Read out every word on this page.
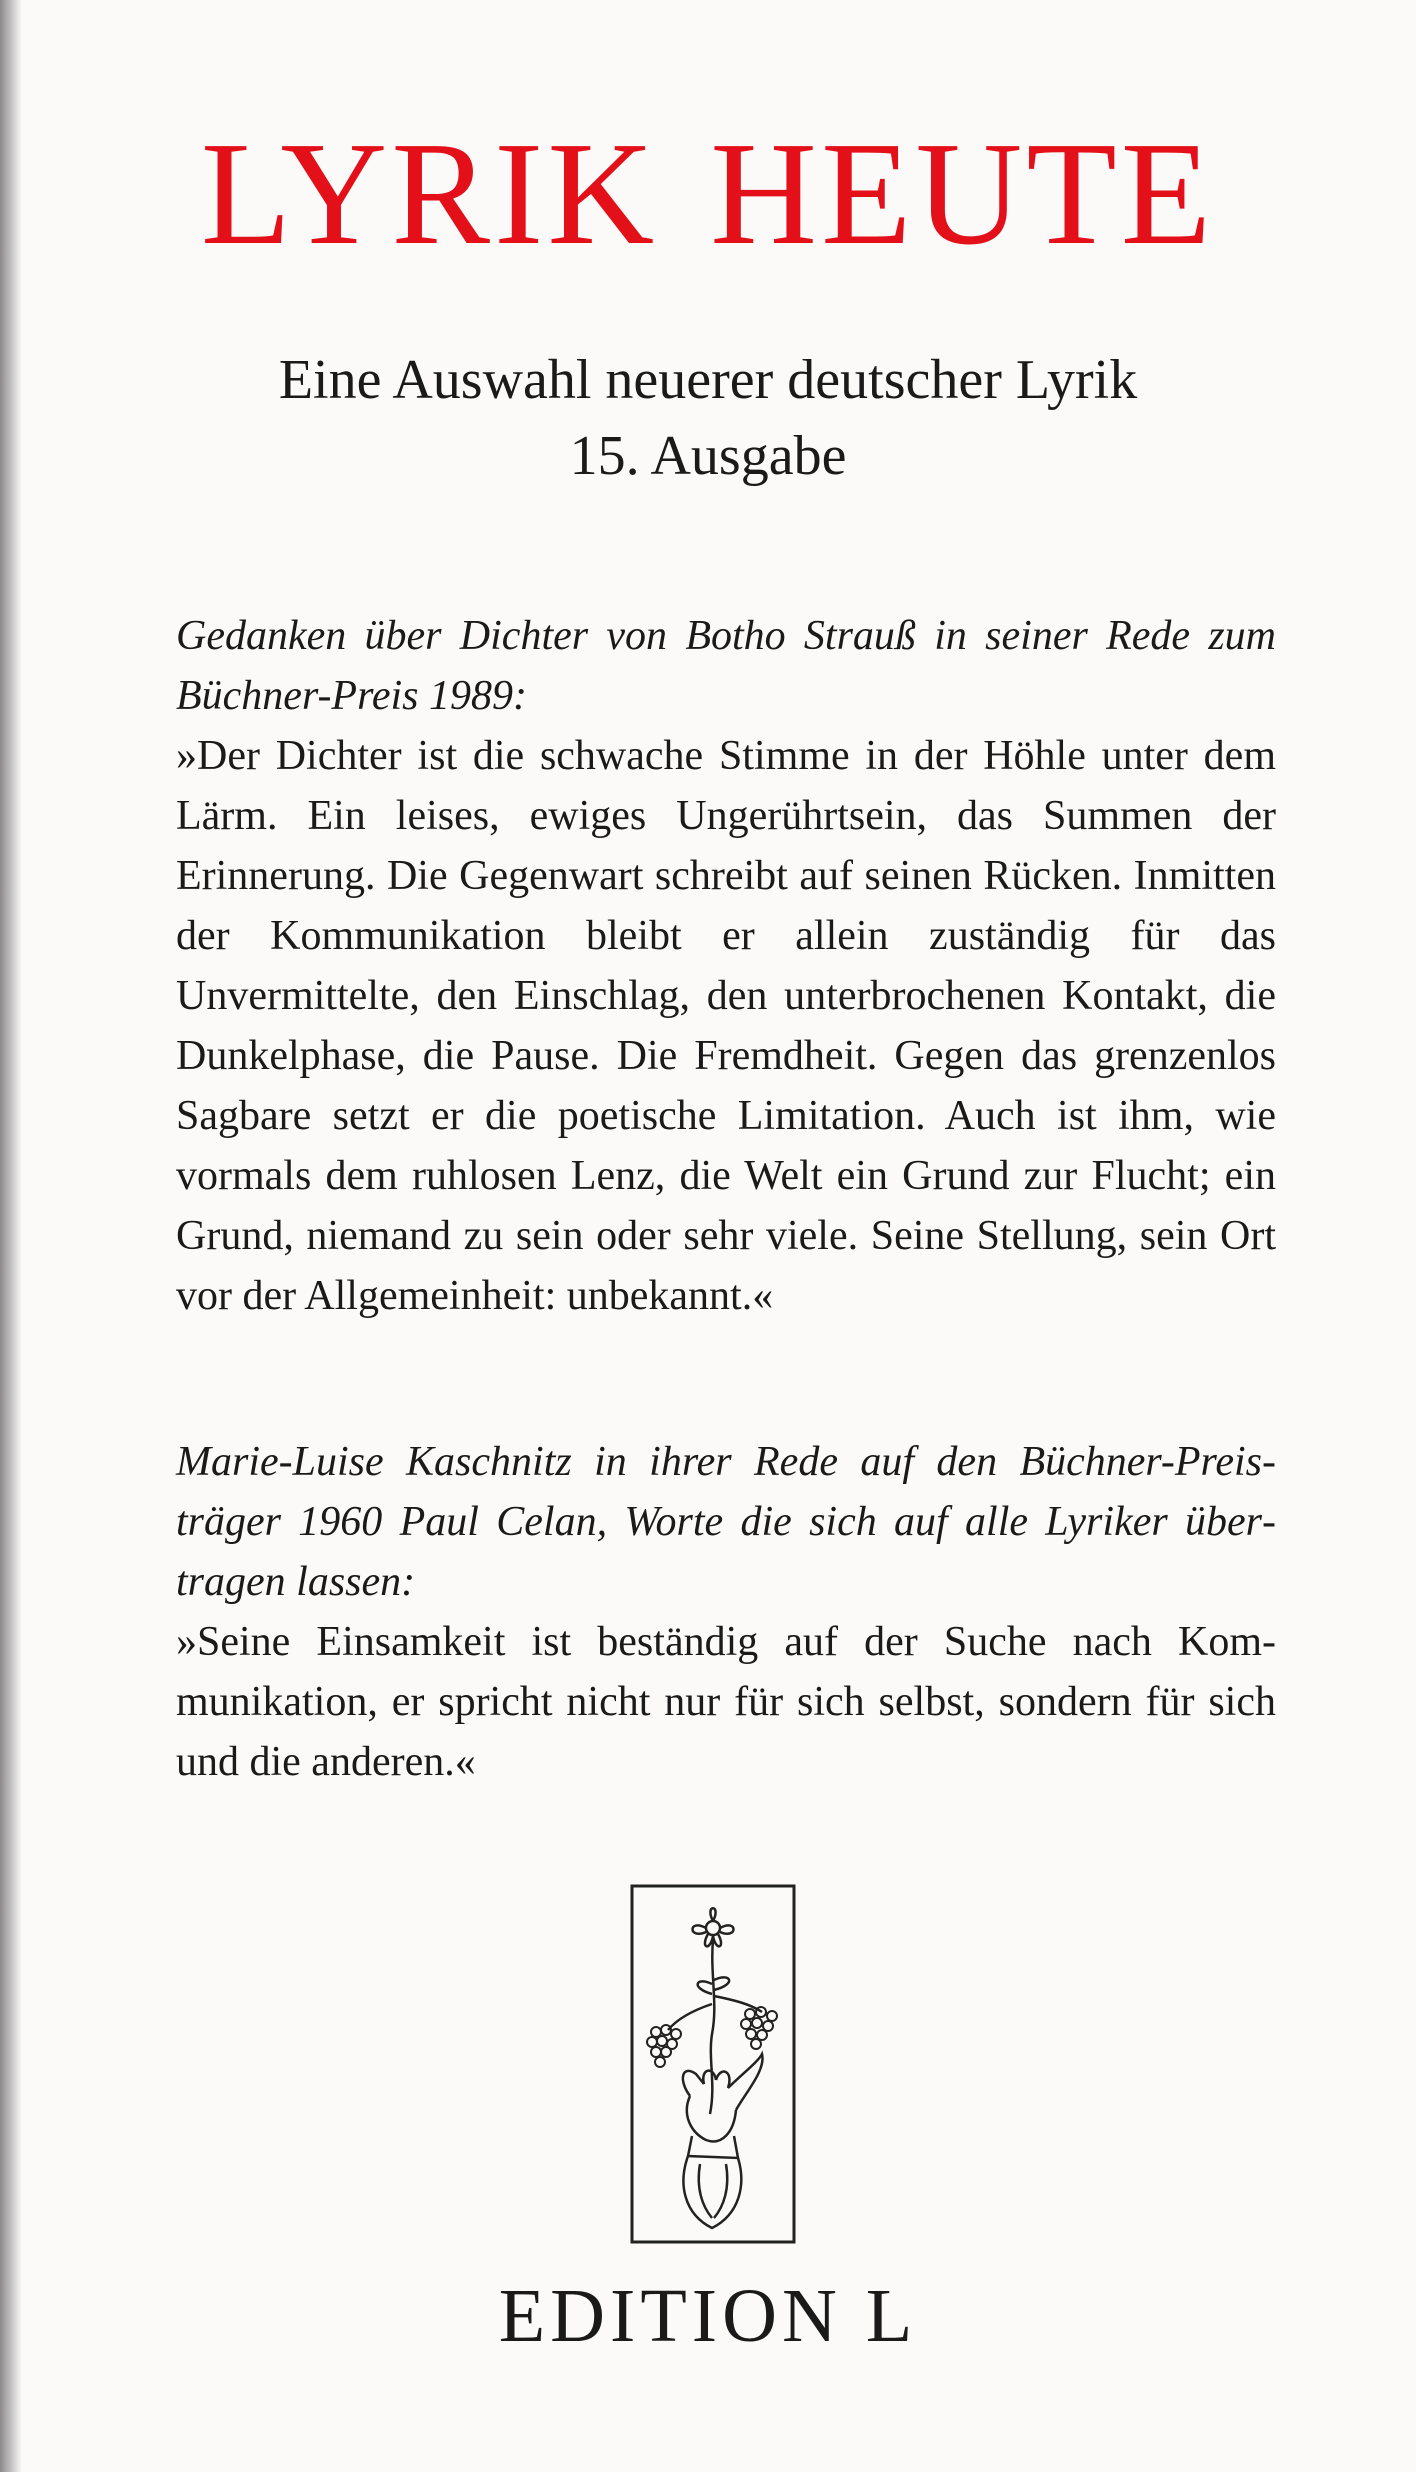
LYRIK HEUTE
Eine Auswahl neuerer deutscher Lyrik
15. Ausgabe
Gedanken über Dichter von Botho Strauß in seiner Rede zum Büchner-Preis 1989:
»Der Dichter ist die schwache Stimme in der Höhle unter dem Lärm. Ein leises, ewiges Ungerührtsein, das Summen der Erinnerung. Die Gegenwart schreibt auf seinen Rücken. Inmitten der Kommunikation bleibt er allein zuständig für das Unvermittelte, den Einschlag, den unterbrochenen Kontakt, die Dunkelphase, die Pause. Die Fremdheit. Gegen das grenzenlos Sagbare setzt er die poetische Limitation. Auch ist ihm, wie vormals dem ruhlosen Lenz, die Welt ein Grund zur Flucht; ein Grund, niemand zu sein oder sehr viele. Seine Stellung, sein Ort vor der Allgemeinheit: unbekannt.«
Marie-Luise Kaschnitz in ihrer Rede auf den Büchner-Preisträger 1960 Paul Celan, Worte die sich auf alle Lyriker übertragen lassen:
»Seine Einsamkeit ist beständig auf der Suche nach Kommunikation, er spricht nicht nur für sich selbst, sondern für sich und die anderen.«
EDITION L
